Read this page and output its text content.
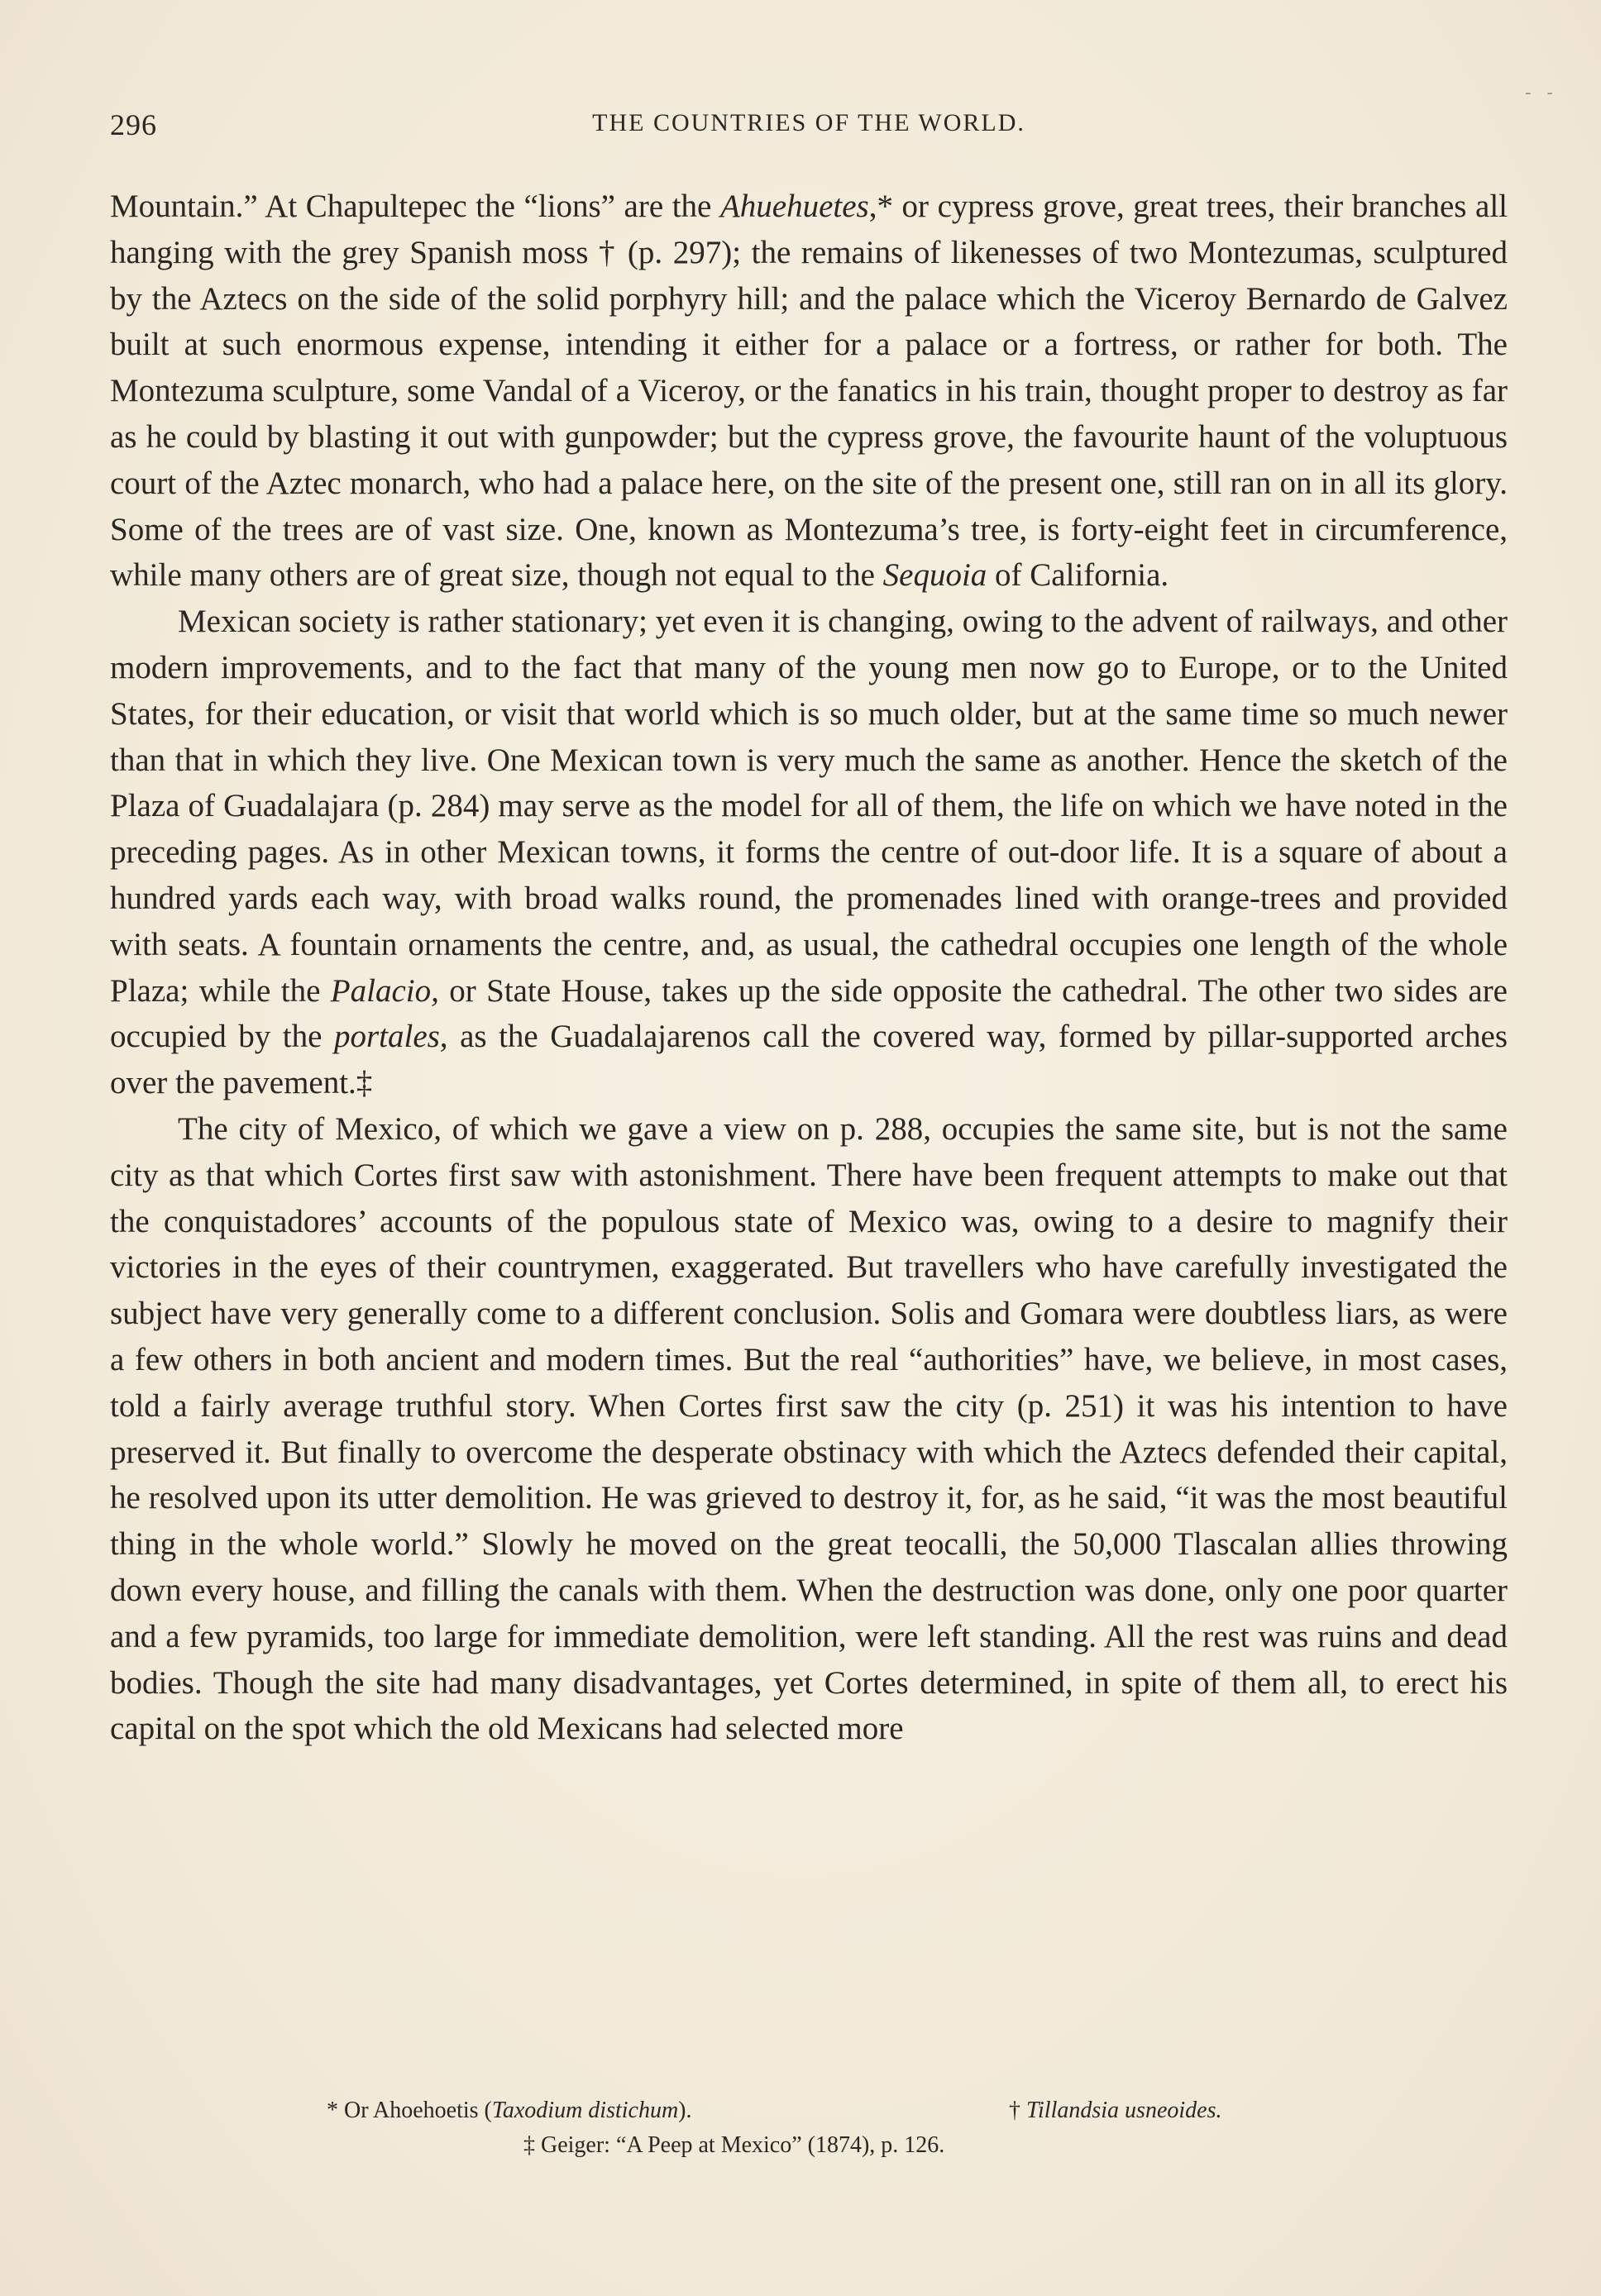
- -
296	THE COUNTRIES OF THE WORLD.

Mountain.” At Chapultepec the “lions” are the Ahuehuetes,* or cypress grove, great trees, their branches all hanging with the grey Spanish moss † (p. 297); the remains of likenesses of two Montezumas, sculptured by the Aztecs on the side of the solid porphyry hill; and the palace which the Viceroy Bernardo de Galvez built at such enormous expense, intending it either for a palace or a fortress, or rather for both. The Montezuma sculpture, some Vandal of a Viceroy, or the fanatics in his train, thought proper to destroy as far as he could by blasting it out with gunpowder; but the cypress grove, the favourite haunt of the voluptuous court of the Aztec monarch, who had a palace here, on the site of the present one, still ran on in all its glory. Some of the trees are of vast size. One, known as Montezuma’s tree, is forty-eight feet in circumference, while many others are of great size, though not equal to the Sequoia of California.

Mexican society is rather stationary; yet even it is changing, owing to the advent of railways, and other modern improvements, and to the fact that many of the young men now go to Europe, or to the United States, for their education, or visit that world which is so much older, but at the same time so much newer than that in which they live. One Mexican town is very much the same as another. Hence the sketch of the Plaza of Guadalajara (p. 284) may serve as the model for all of them, the life on which we have noted in the preceding pages. As in other Mexican towns, it forms the centre of out-door life. It is a square of about a hundred yards each way, with broad walks round, the promenades lined with orange-trees and provided with seats. A fountain ornaments the centre, and, as usual, the cathedral occupies one length of the whole Plaza; while the Palacio, or State House, takes up the side opposite the cathedral. The other two sides are occupied by the portales, as the Guadalajarenos call the covered way, formed by pillar-supported arches over the pavement.‡

The city of Mexico, of which we gave a view on p. 288, occupies the same site, but is not the same city as that which Cortes first saw with astonishment. There have been frequent attempts to make out that the conquistadores’ accounts of the populous state of Mexico was, owing to a desire to magnify their victories in the eyes of their countrymen, exaggerated. But travellers who have carefully investigated the subject have very generally come to a different conclusion. Solis and Gomara were doubtless liars, as were a few others in both ancient and modern times. But the real “authorities” have, we believe, in most cases, told a fairly average truthful story. When Cortes first saw the city (p. 251) it was his intention to have preserved it. But finally to overcome the desperate obstinacy with which the Aztecs defended their capital, he resolved upon its utter demolition. He was grieved to destroy it, for, as he said, “it was the most beautiful thing in the whole world.” Slowly he moved on the great teocalli, the 50,000 Tlascalan allies throwing down every house, and filling the canals with them. When the destruction was done, only one poor quarter and a few pyramids, too large for immediate demolition, were left standing. All the rest was ruins and dead bodies. Though the site had many disadvantages, yet Cortes determined, in spite of them all, to erect his capital on the spot which the old Mexicans had selected more

* Or Ahoehoetis (Taxodium distichum).	† Tillandsia usneoides.
‡ Geiger: “A Peep at Mexico” (1874), p. 126.
